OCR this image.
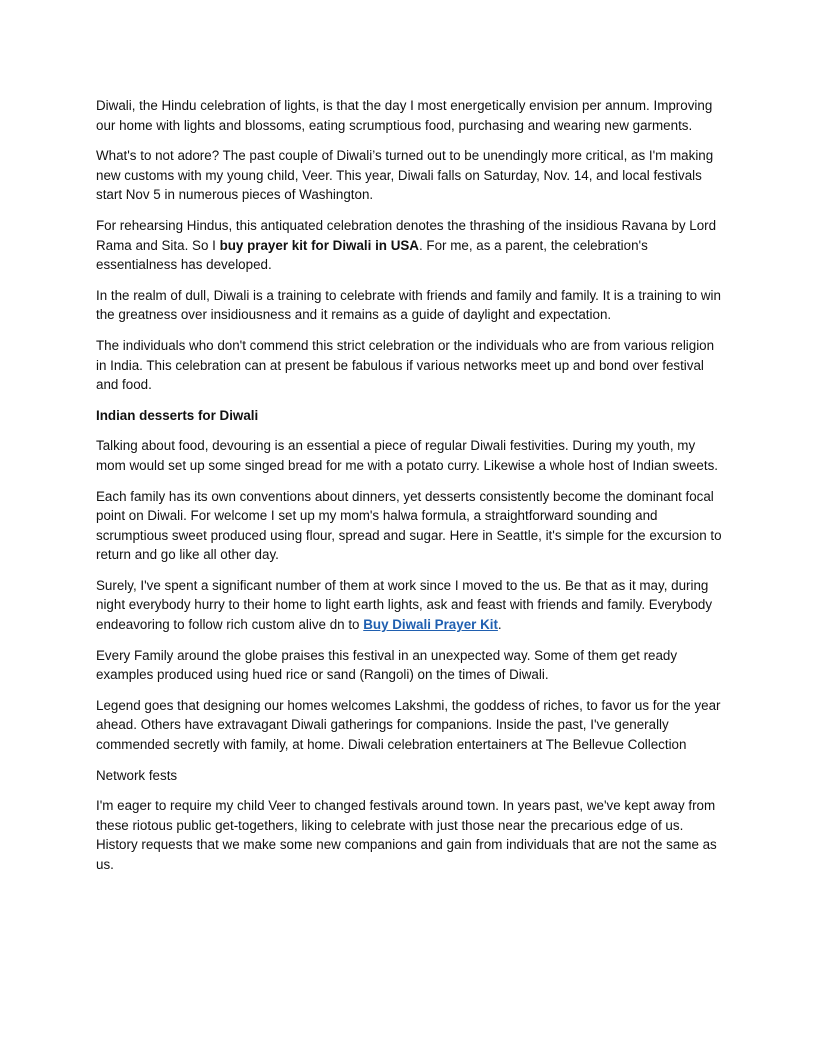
Diwali, the Hindu celebration of lights, is that the day I most energetically envision per annum. Improving our home with lights and blossoms, eating scrumptious food, purchasing and wearing new garments.

What's to not adore? The past couple of Diwali’s turned out to be unendingly more critical, as I'm making new customs with my young child, Veer. This year, Diwali falls on Saturday, Nov. 14, and local festivals start Nov 5 in numerous pieces of Washington.

For rehearsing Hindus, this antiquated celebration denotes the thrashing of the insidious Ravana by Lord Rama and Sita. So I buy prayer kit for Diwali in USA. For me, as a parent, the celebration's essentialness has developed.

In the realm of dull, Diwali is a training to celebrate with friends and family and family. It is a training to win the greatness over insidiousness and it remains as a guide of daylight and expectation.

The individuals who don't commend this strict celebration or the individuals who are from various religion in India. This celebration can at present be fabulous if various networks meet up and bond over festival and food.

Indian desserts for Diwali

Talking about food, devouring is an essential a piece of regular Diwali festivities. During my youth, my mom would set up some singed bread for me with a potato curry. Likewise a whole host of Indian sweets.

Each family has its own conventions about dinners, yet desserts consistently become the dominant focal point on Diwali. For welcome I set up my mom's halwa formula, a straightforward sounding and scrumptious sweet produced using flour, spread and sugar. Here in Seattle, it's simple for the excursion to return and go like all other day.

Surely, I've spent a significant number of them at work since I moved to the us. Be that as it may, during night everybody hurry to their home to light earth lights, ask and feast with friends and family. Everybody endeavoring to follow rich custom alive dn to Buy Diwali Prayer Kit.

Every Family around the globe praises this festival in an unexpected way. Some of them get ready examples produced using hued rice or sand (Rangoli) on the times of Diwali.

Legend goes that designing our homes welcomes Lakshmi, the goddess of riches, to favor us for the year ahead. Others have extravagant Diwali gatherings for companions. Inside the past, I've generally commended secretly with family, at home. Diwali celebration entertainers at The Bellevue Collection

Network fests

I'm eager to require my child Veer to changed festivals around town. In years past, we've kept away from these riotous public get-togethers, liking to celebrate with just those near the precarious edge of us. History requests that we make some new companions and gain from individuals that are not the same as us.
